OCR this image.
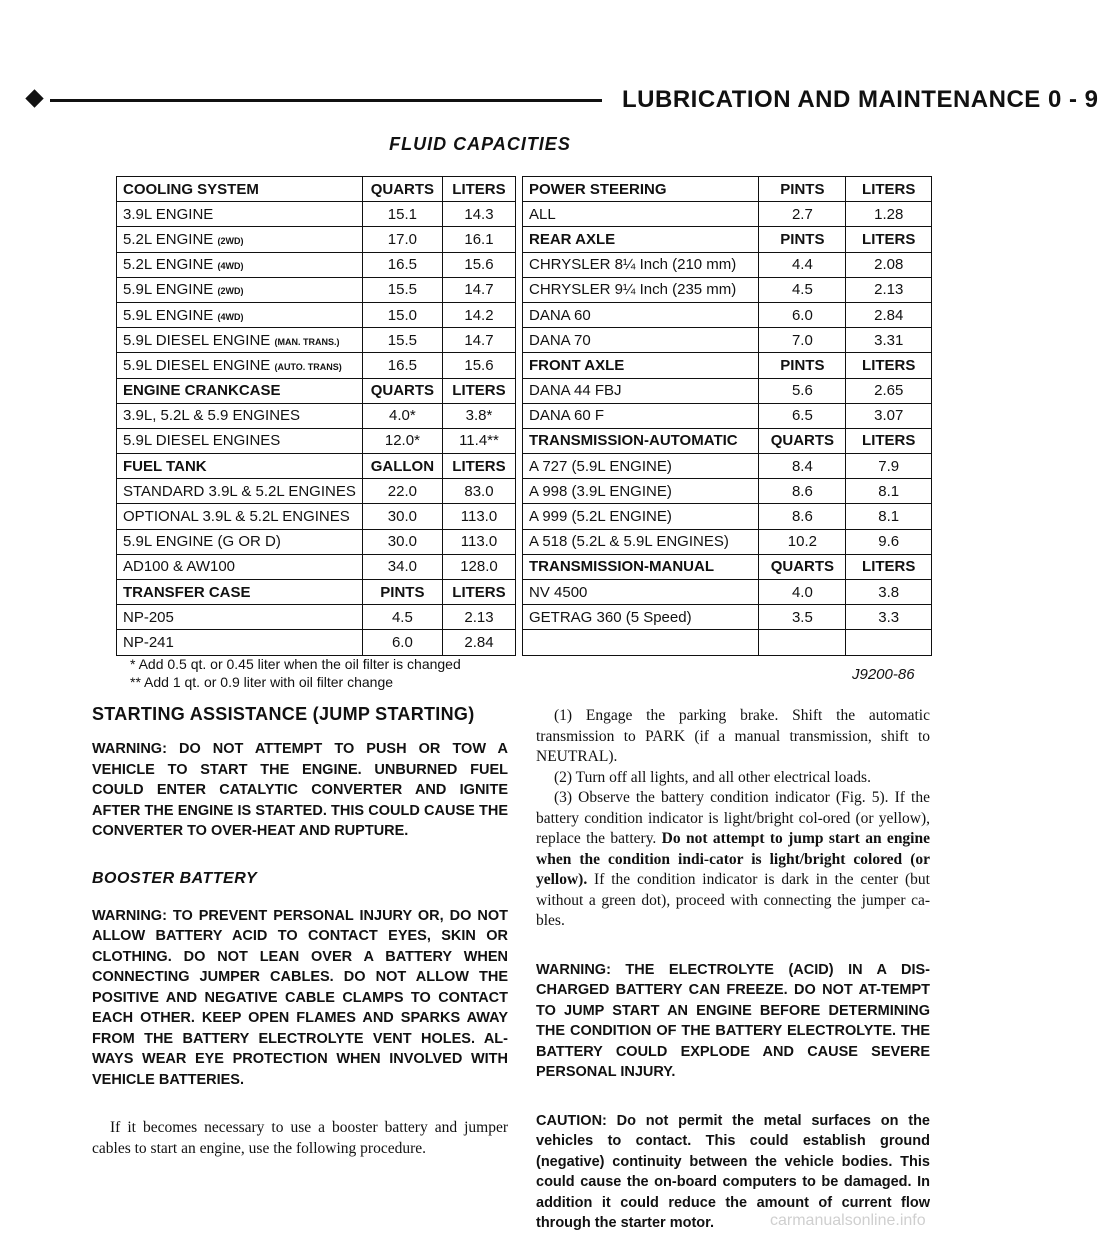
LUBRICATION AND MAINTENANCE 0 - 9
FLUID CAPACITIES
COOLING SYSTEM	QUARTS	LITERS
3.9L ENGINE	15.1	14.3
5.2L ENGINE (2WD)	17.0	16.1
5.2L ENGINE (4WD)	16.5	15.6
5.9L ENGINE (2WD)	15.5	14.7
5.9L ENGINE (4WD)	15.0	14.2
5.9L DIESEL ENGINE (MAN. TRANS.)	15.5	14.7
5.9L DIESEL ENGINE (AUTO. TRANS)	16.5	15.6
ENGINE CRANKCASE	QUARTS	LITERS
3.9L, 5.2L & 5.9 ENGINES	4.0*	3.8*
5.9L DIESEL ENGINES	12.0*	11.4**
FUEL TANK	GALLON	LITERS
STANDARD 3.9L & 5.2L ENGINES	22.0	83.0
OPTIONAL 3.9L & 5.2L ENGINES	30.0	113.0
5.9L ENGINE (G OR D)	30.0	113.0
AD100 & AW100	34.0	128.0
TRANSFER CASE	PINTS	LITERS
NP-205	4.5	2.13
NP-241	6.0	2.84
POWER STEERING	PINTS	LITERS
ALL	2.7	1.28
REAR AXLE	PINTS	LITERS
CHRYSLER 8¼ Inch (210 mm)	4.4	2.08
CHRYSLER 9¼ Inch (235 mm)	4.5	2.13
DANA 60	6.0	2.84
DANA 70	7.0	3.31
FRONT AXLE	PINTS	LITERS
DANA 44 FBJ	5.6	2.65
DANA 60 F	6.5	3.07
TRANSMISSION-AUTOMATIC	QUARTS	LITERS
A 727 (5.9L ENGINE)	8.4	7.9
A 998 (3.9L ENGINE)	8.6	8.1
A 999 (5.2L ENGINE)	8.6	8.1
A 518 (5.2L & 5.9L ENGINES)	10.2	9.6
TRANSMISSION-MANUAL	QUARTS	LITERS
NV 4500	4.0	3.8
GETRAG 360 (5 Speed)	3.5	3.3

* Add 0.5 qt. or 0.45 liter when the oil filter is changed
** Add 1 qt. or 0.9 liter with oil filter change	J9200-86
STARTING ASSISTANCE (JUMP STARTING)

WARNING: DO NOT ATTEMPT TO PUSH OR TOW A VEHICLE TO START THE ENGINE. UNBURNED FUEL COULD ENTER CATALYTIC CONVERTER AND IGNITE AFTER THE ENGINE IS STARTED. THIS COULD CAUSE THE CONVERTER TO OVER-HEAT AND RUPTURE.

BOOSTER BATTERY

WARNING: TO PREVENT PERSONAL INJURY OR, DO NOT ALLOW BATTERY ACID TO CONTACT EYES, SKIN OR CLOTHING. DO NOT LEAN OVER A BATTERY WHEN CONNECTING JUMPER CABLES. DO NOT ALLOW THE POSITIVE AND NEGATIVE CABLE CLAMPS TO CONTACT EACH OTHER. KEEP OPEN FLAMES AND SPARKS AWAY FROM THE BATTERY ELECTROLYTE VENT HOLES. AL-WAYS WEAR EYE PROTECTION WHEN INVOLVED WITH VEHICLE BATTERIES.

If it becomes necessary to use a booster battery and jumper cables to start an engine, use the following procedure.

(1) Engage the parking brake. Shift the automatic transmission to PARK (if a manual transmission, shift to NEUTRAL).

(2) Turn off all lights, and all other electrical loads.

(3) Observe the battery condition indicator (Fig. 5). If the battery condition indicator is light/bright col-ored (or yellow), replace the battery. Do not attempt to jump start an engine when the condition indi-cator is light/bright colored (or yellow). If the condition indicator is dark in the center (but without a green dot), proceed with connecting the jumper ca-bles.

WARNING: THE ELECTROLYTE (ACID) IN A DIS-CHARGED BATTERY CAN FREEZE. DO NOT AT-TEMPT TO JUMP START AN ENGINE BEFORE DETERMINING THE CONDITION OF THE BATTERY ELECTROLYTE. THE BATTERY COULD EXPLODE AND CAUSE SEVERE PERSONAL INJURY.

CAUTION: Do not permit the metal surfaces on the vehicles to contact. This could establish ground (negative) continuity between the vehicle bodies. This could cause the on-board computers to be damaged. In addition it could reduce the amount of current flow through the starter motor.	carmanualsonline.info
